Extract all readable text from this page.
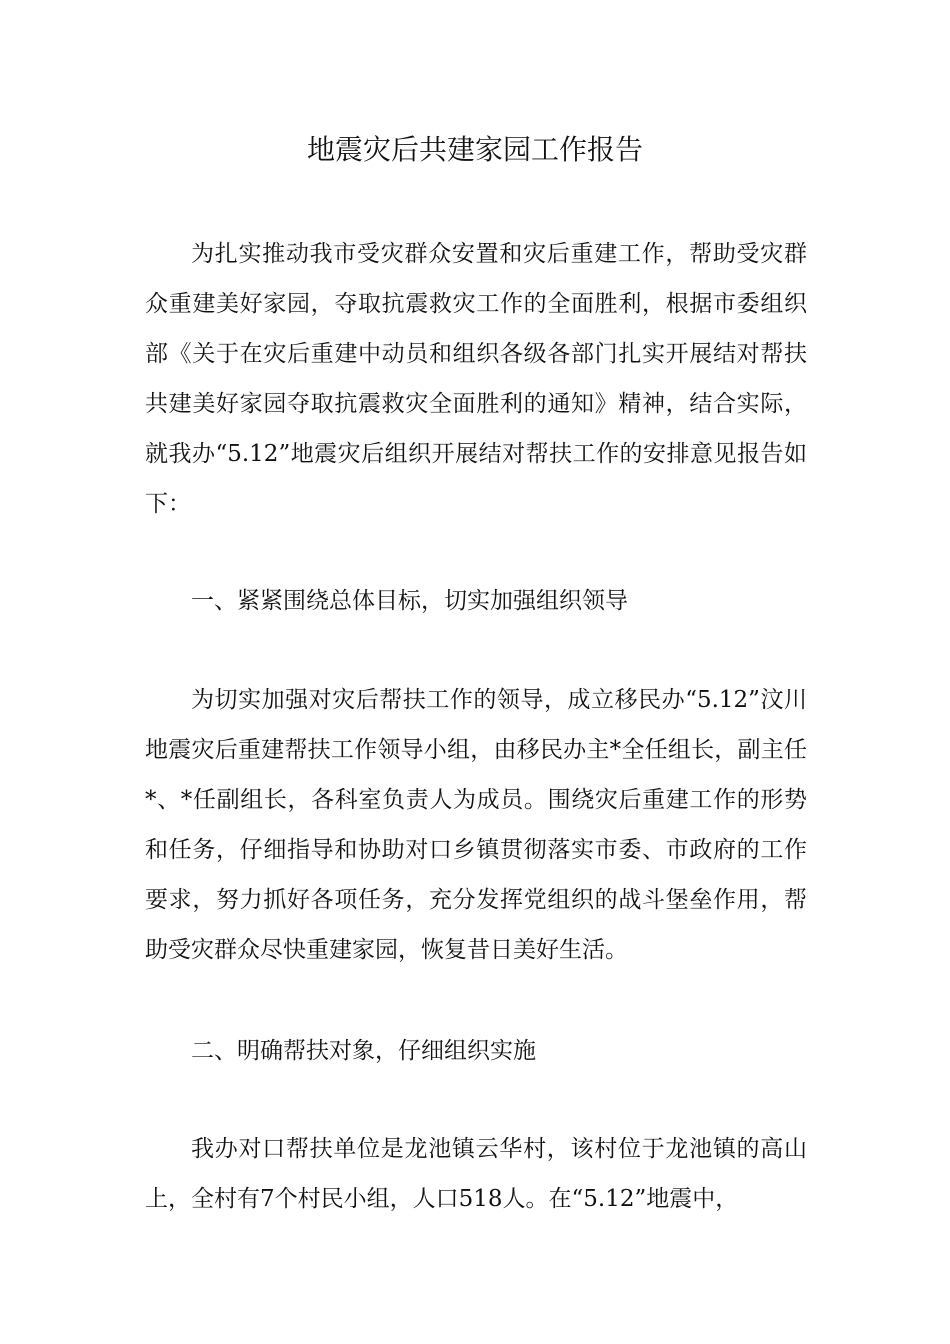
地震灾后共建家园工作报告
为扎实推动我市受灾群众安置和灾后重建工作，帮助受灾群众重建美好家园，夺取抗震救灾工作的全面胜利，根据市委组织部《关于在灾后重建中动员和组织各级各部门扎实开展结对帮扶共建美好家园夺取抗震救灾全面胜利的通知》精神，结合实际，就我办“5.12”地震灾后组织开展结对帮扶工作的安排意见报告如下：
一、紧紧围绕总体目标，切实加强组织领导
为切实加强对灾后帮扶工作的领导，成立移民办“5.12”汶川地震灾后重建帮扶工作领导小组，由移民办主*全任组长，副主任*、*任副组长，各科室负责人为成员。围绕灾后重建工作的形势和任务，仔细指导和协助对口乡镇贯彻落实市委、市政府的工作要求，努力抓好各项任务，充分发挥党组织的战斗堡垒作用，帮助受灾群众尽快重建家园，恢复昔日美好生活。
二、明确帮扶对象，仔细组织实施
我办对口帮扶单位是龙池镇云华村，该村位于龙池镇的高山上，全村有7个村民小组，人口518人。在“5.12”地震中，
